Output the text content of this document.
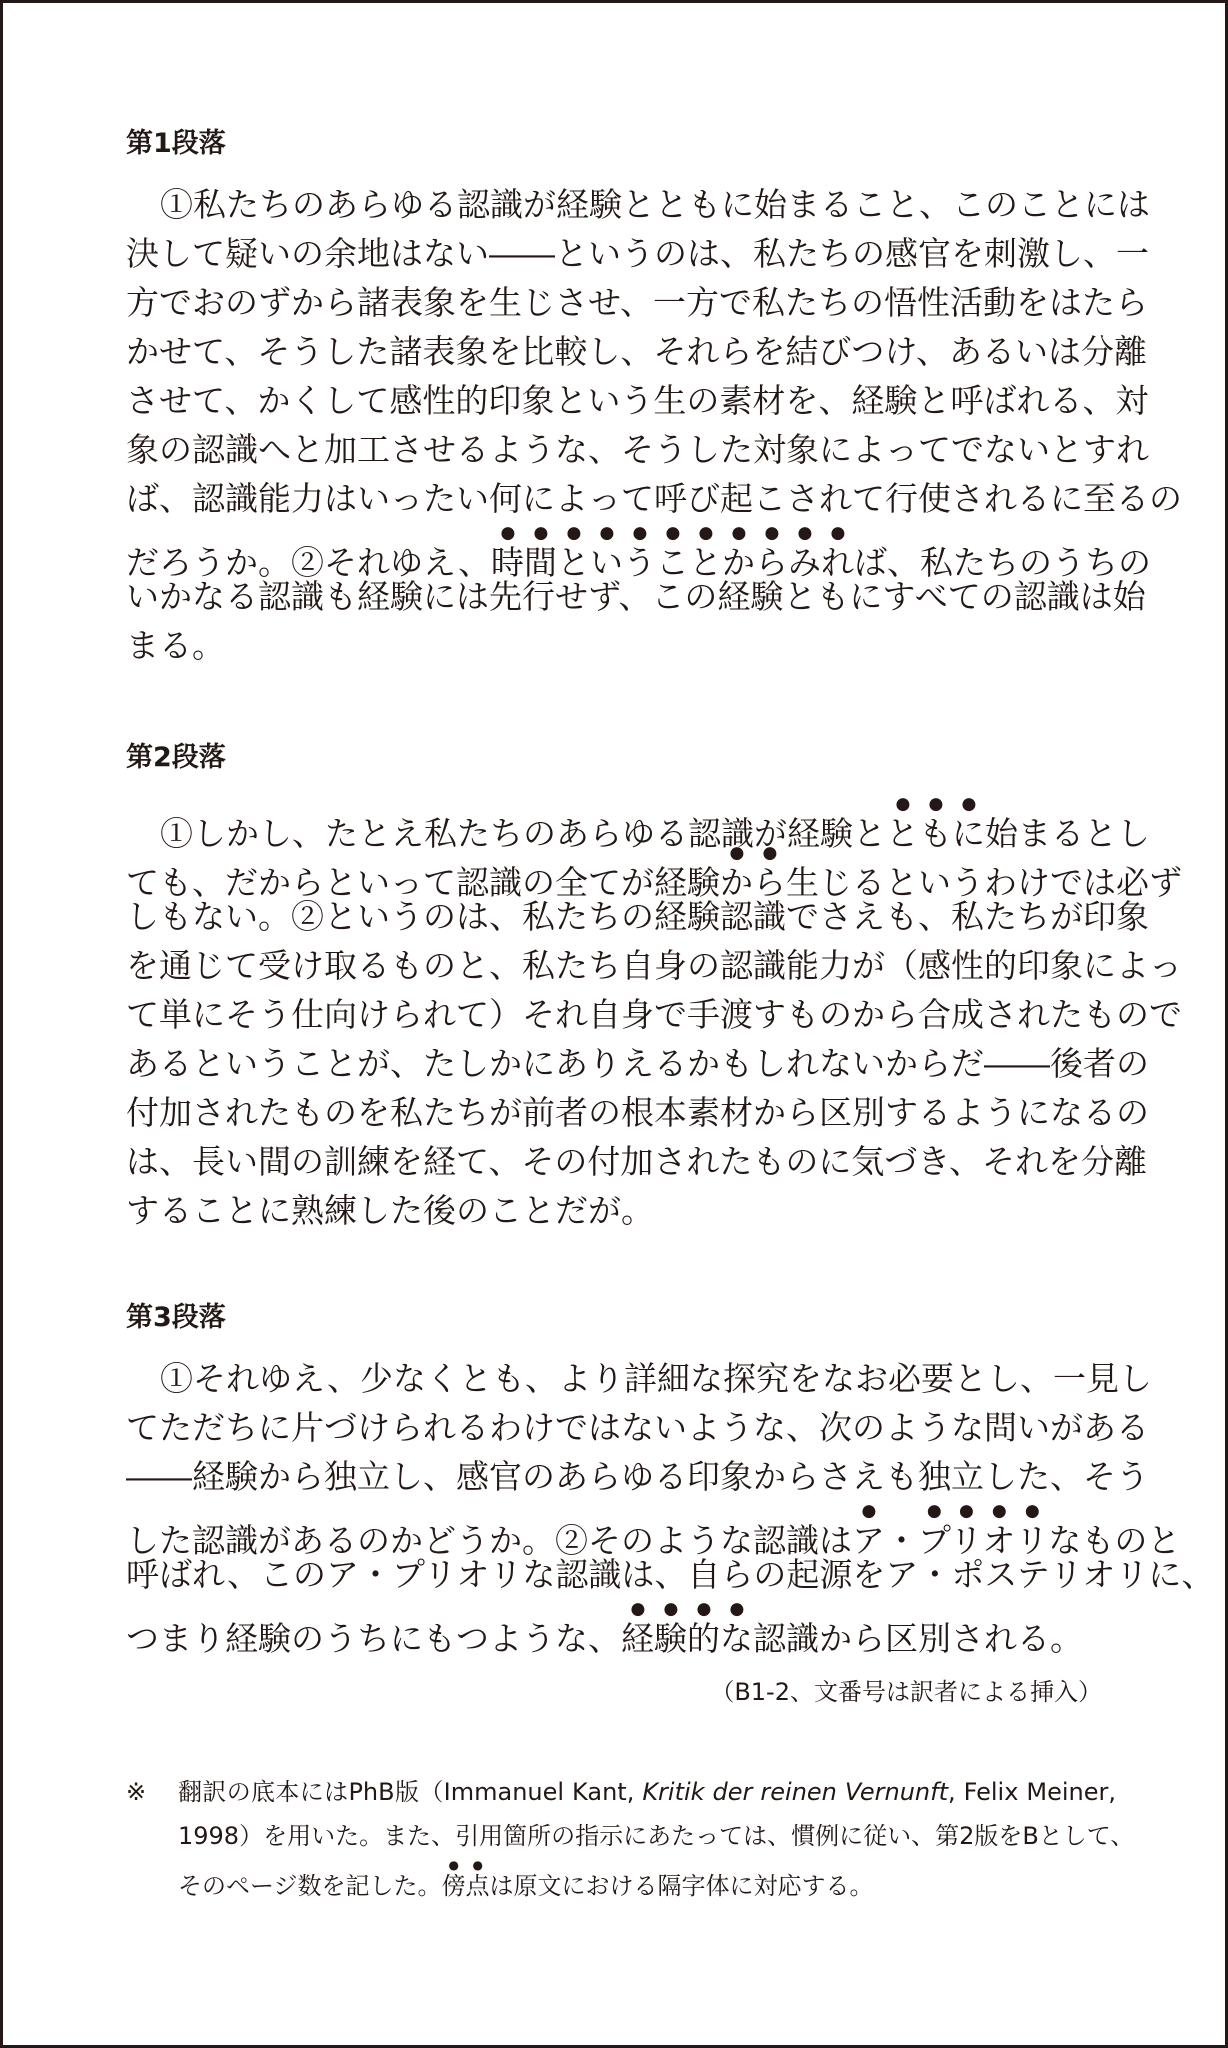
第1段落
①私たちのあらゆる認識が経験とともに始まること、このことには
決して疑いの余地はない――というのは、私たちの感官を刺激し、一
方でおのずから諸表象を生じさせ、一方で私たちの悟性活動をはたら
かせて、そうした諸表象を比較し、それらを結びつけ、あるいは分離
させて、かくして感性的印象という生の素材を、経験と呼ばれる、対
象の認識へと加工させるような、そうした対象によってでないとすれ
ば、認識能力はいったい何によって呼び起こされて行使されるに至るの
だろうか。②それゆえ、時間ということからみれば、私たちのうちの
いかなる認識も経験には先行せず、この経験ともにすべての認識は始
まる。
第2段落
①しかし、たとえ私たちのあらゆる認識が経験とともに始まるとし
ても、だからといって認識の全てが経験から生じるというわけでは必ず
しもない。②というのは、私たちの経験認識でさえも、私たちが印象
を通じて受け取るものと、私たち自身の認識能力が（感性的印象によっ
て単にそう仕向けられて）それ自身で手渡すものから合成されたもので
あるということが、たしかにありえるかもしれないからだ――後者の
付加されたものを私たちが前者の根本素材から区別するようになるの
は、長い間の訓練を経て、その付加されたものに気づき、それを分離
することに熟練した後のことだが。
第3段落
①それゆえ、少なくとも、より詳細な探究をなお必要とし、一見し
てただちに片づけられるわけではないような、次のような問いがある
――経験から独立し、感官のあらゆる印象からさえも独立した、そう
した認識があるのかどうか。②そのような認識はア・プリオリなものと
呼ばれ、このア・プリオリな認識は、自らの起源をア・ポステリオリに、
つまり経験のうちにもつような、経験的な認識から区別される。
（B1-2、文番号は訳者による挿入）
※ 翻訳の底本にはPhB版（Immanuel Kant, Kritik der reinen Vernunft, Felix Meiner,
1998）を用いた。また、引用箇所の指示にあたっては、慣例に従い、第2版をBとして、
そのページ数を記した。傍点は原文における隔字体に対応する。
